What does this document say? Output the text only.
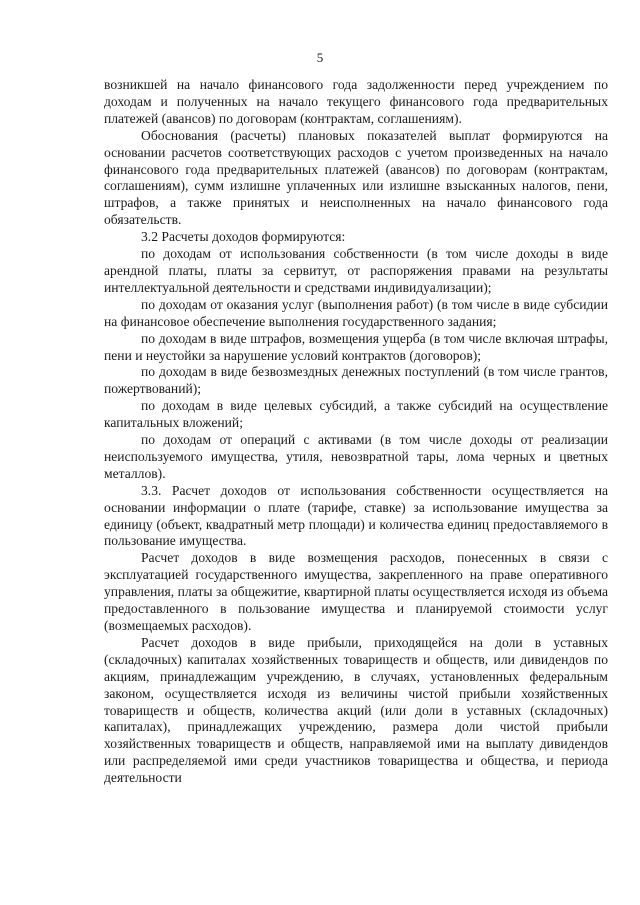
5

возникшей на начало финансового года задолженности перед учреждением по доходам и полученных на начало текущего финансового года предварительных платежей (авансов) по договорам (контрактам, соглашениям).

Обоснования (расчеты) плановых показателей выплат формируются на основании расчетов соответствующих расходов с учетом произведенных на начало финансового года предварительных платежей (авансов) по договорам (контрактам, соглашениям), сумм излишне уплаченных или излишне взысканных налогов, пени, штрафов, а также принятых и неисполненных на начало финансового года обязательств.

3.2 Расчеты доходов формируются:

по доходам от использования собственности (в том числе доходы в виде арендной платы, платы за сервитут, от распоряжения правами на результаты интеллектуальной деятельности и средствами индивидуализации);

по доходам от оказания услуг (выполнения работ) (в том числе в виде субсидии на финансовое обеспечение выполнения государственного задания;

по доходам в виде штрафов, возмещения ущерба (в том числе включая штрафы, пени и неустойки за нарушение условий контрактов (договоров);

по доходам в виде безвозмездных денежных поступлений (в том числе грантов, пожертвований);

по доходам в виде целевых субсидий, а также субсидий на осуществление капитальных вложений;

по доходам от операций с активами (в том числе доходы от реализации неиспользуемого имущества, утиля, невозвратной тары, лома черных и цветных металлов).

3.3. Расчет доходов от использования собственности осуществляется на основании информации о плате (тарифе, ставке) за использование имущества за единицу (объект, квадратный метр площади) и количества единиц предоставляемого в пользование имущества.

Расчет доходов в виде возмещения расходов, понесенных в связи с эксплуатацией государственного имущества, закрепленного на праве оперативного управления, платы за общежитие, квартирной платы осуществляется исходя из объема предоставленного в пользование имущества и планируемой стоимости услуг (возмещаемых расходов).

Расчет доходов в виде прибыли, приходящейся на доли в уставных (складочных) капиталах хозяйственных товариществ и обществ, или дивидендов по акциям, принадлежащим учреждению, в случаях, установленных федеральным законом, осуществляется исходя из величины чистой прибыли хозяйственных товариществ и обществ, количества акций (или доли в уставных (складочных) капиталах), принадлежащих учреждению, размера доли чистой прибыли хозяйственных товариществ и обществ, направляемой ими на выплату дивидендов или распределяемой ими среди участников товарищества и общества, и периода деятельности
